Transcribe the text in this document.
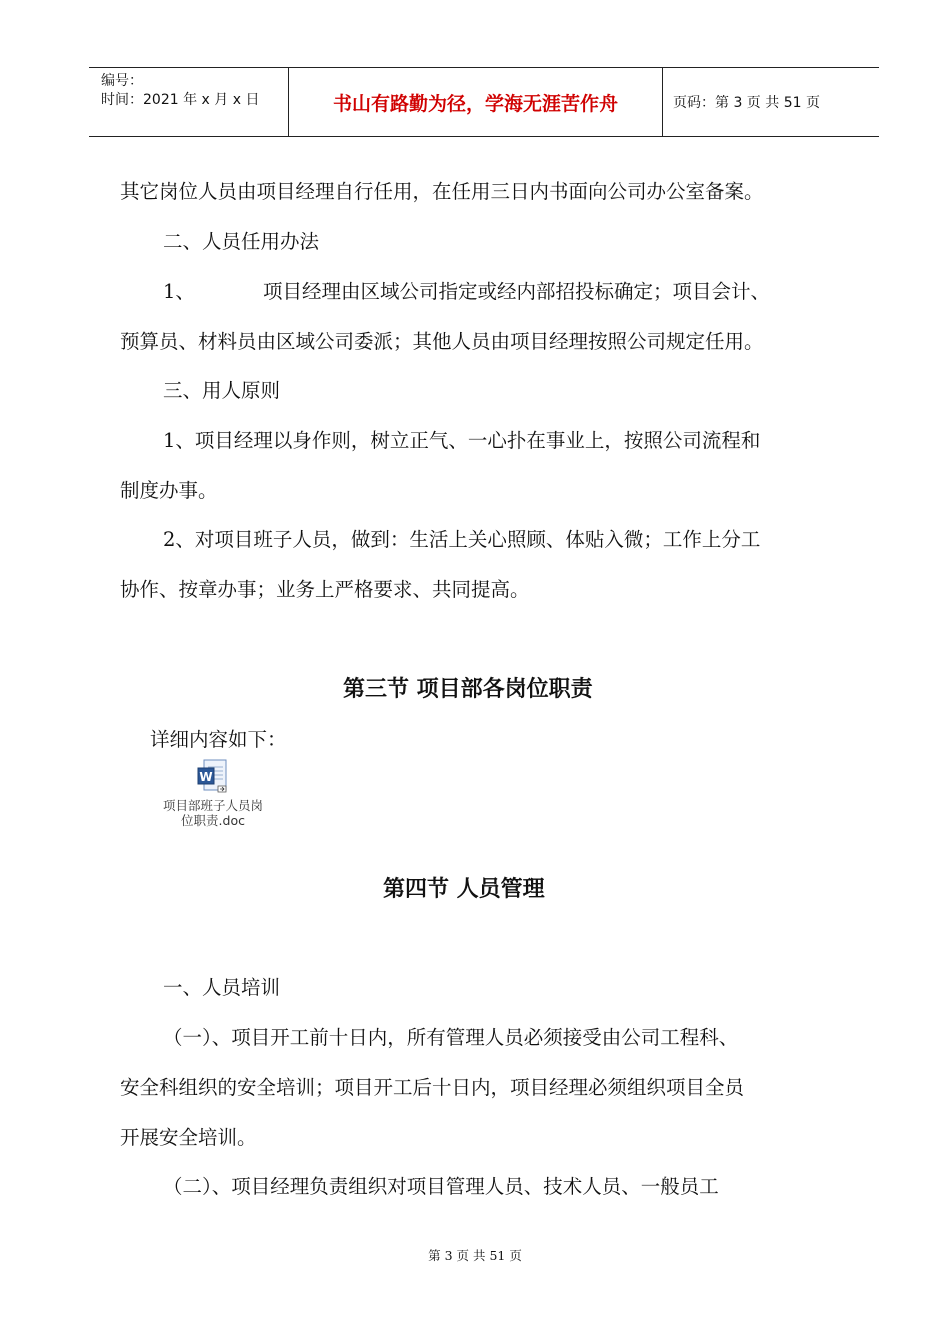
编号：
时间：2021 年 x 月 x 日	书山有路勤为径，学海无涯苦作舟	页码：第 3 页 共 51 页
其它岗位人员由项目经理自行任用，在任用三日内书面向公司办公室备案。
二、人员任用办法
1、	项目经理由区域公司指定或经内部招投标确定；项目会计、
预算员、材料员由区域公司委派；其他人员由项目经理按照公司规定任用。
三、用人原则
1、项目经理以身作则，树立正气、一心扑在事业上，按照公司流程和
制度办事。
2、对项目班子人员，做到：生活上关心照顾、体贴入微；工作上分工
协作、按章办事；业务上严格要求、共同提高。
第三节 项目部各岗位职责
详细内容如下：
W
项目部班子人员岗
位职责.doc
第四节 人员管理
一、人员培训
（一）、项目开工前十日内，所有管理人员必须接受由公司工程科、
安全科组织的安全培训；项目开工后十日内，项目经理必须组织项目全员
开展安全培训。
（二）、项目经理负责组织对项目管理人员、技术人员、一般员工
第 3 页 共 51 页
